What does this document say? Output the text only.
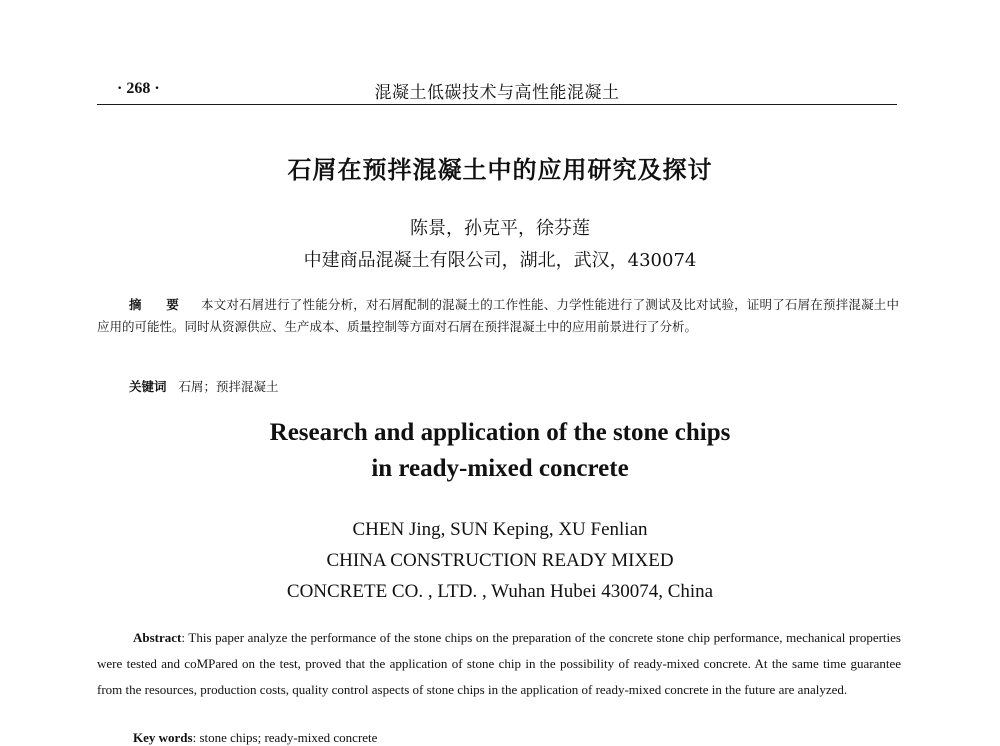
· 268 ·	混凝土低碳技术与高性能混凝土
石屑在预拌混凝土中的应用研究及探讨
陈景，孙克平，徐芬莲
中建商品混凝土有限公司，湖北，武汉，430074
摘 要 本文对石屑进行了性能分析，对石屑配制的混凝土的工作性能、力学性能进行了测试及比对试验，证明了石屑在预拌混凝土中应用的可能性。同时从资源供应、生产成本、质量控制等方面对石屑在预拌混凝土中的应用前景进行了分析。
关键词 石屑；预拌混凝土
Research and application of the stone chips
in ready-mixed concrete
CHEN Jing, SUN Keping, XU Fenlian
CHINA CONSTRUCTION READY MIXED
CONCRETE CO. , LTD. , Wuhan Hubei 430074, China
Abstract: This paper analyze the performance of the stone chips on the preparation of the concrete stone chip performance, mechanical properties were tested and coMPared on the test, proved that the application of stone chip in the possibility of ready-mixed concrete. At the same time guarantee from the resources, production costs, quality control aspects of stone chips in the application of ready-mixed concrete in the future are analyzed.
Key words: stone chips; ready-mixed concrete
